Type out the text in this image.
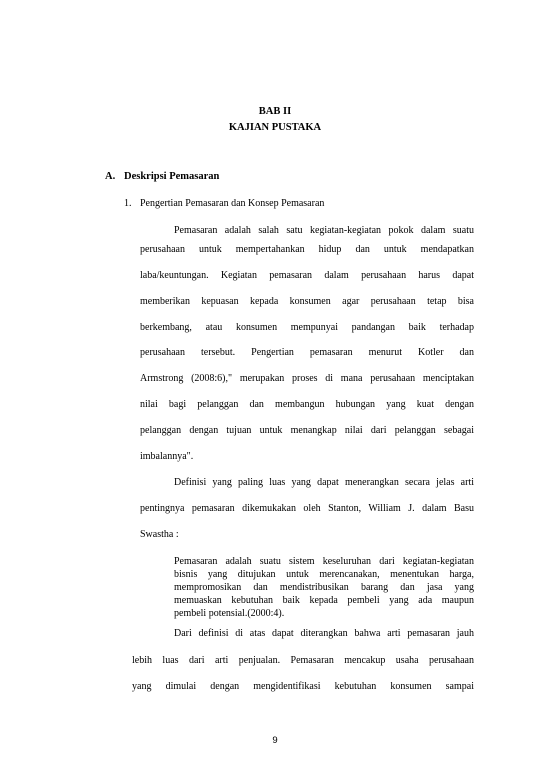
BAB II
KAJIAN PUSTAKA
A. Deskripsi Pemasaran
1. Pengertian Pemasaran dan Konsep Pemasaran
Pemasaran adalah salah satu kegiatan-kegiatan pokok dalam suatu
perusahaan untuk mempertahankan hidup dan untuk mendapatkan
laba/keuntungan. Kegiatan pemasaran dalam perusahaan harus dapat
memberikan kepuasan kepada konsumen agar perusahaan tetap bisa
berkembang, atau konsumen mempunyai pandangan baik terhadap
perusahaan tersebut. Pengertian pemasaran menurut Kotler dan
Armstrong (2008:6)," merupakan proses di mana perusahaan menciptakan
nilai bagi pelanggan dan membangun hubungan yang kuat dengan
pelanggan dengan tujuan untuk menangkap nilai dari pelanggan sebagai
imbalannya".
Definisi yang paling luas yang dapat menerangkan secara jelas arti
pentingnya pemasaran dikemukakan oleh Stanton, William J. dalam Basu
Swastha :
Pemasaran adalah suatu sistem keseluruhan dari kegiatan-kegiatan
bisnis yang ditujukan untuk merencanakan, menentukan harga,
mempromosikan dan mendistribusikan barang dan jasa yang
memuaskan kebutuhan baik kepada pembeli yang ada maupun
pembeli potensial.(2000:4).
Dari definisi di atas dapat diterangkan bahwa arti pemasaran jauh
lebih luas dari arti penjualan. Pemasaran mencakup usaha perusahaan
yang dimulai dengan mengidentifikasi kebutuhan konsumen sampai
9
